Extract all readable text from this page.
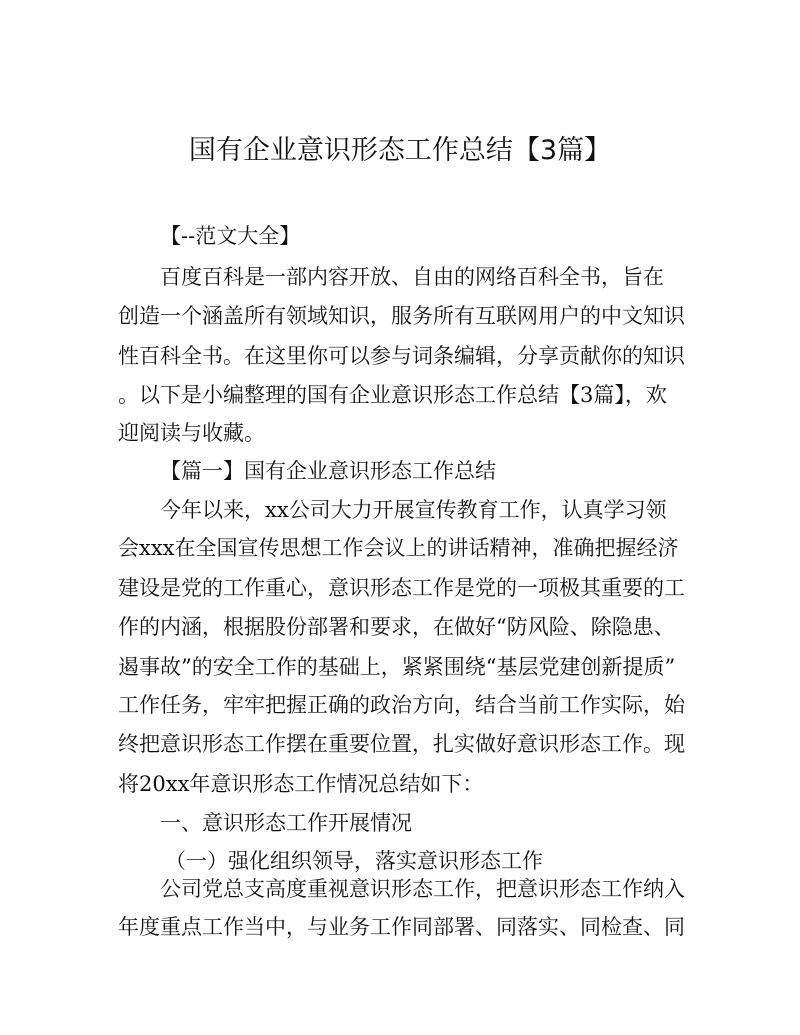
国有企业意识形态工作总结【3篇】
【--范文大全】
百度百科是一部内容开放、自由的网络百科全书，旨在
创造一个涵盖所有领域知识，服务所有互联网用户的中文知识
性百科全书。在这里你可以参与词条编辑，分享贡献你的知识
。以下是小编整理的国有企业意识形态工作总结【3篇】，欢
迎阅读与收藏。
【篇一】国有企业意识形态工作总结
今年以来，xx公司大力开展宣传教育工作，认真学习领
会xxx在全国宣传思想工作会议上的讲话精神，准确把握经济
建设是党的工作重心，意识形态工作是党的一项极其重要的工
作的内涵，根据股份部署和要求，在做好“防风险、除隐患、
遏事故”的安全工作的基础上，紧紧围绕“基层党建创新提质”
工作任务，牢牢把握正确的政治方向，结合当前工作实际，始
终把意识形态工作摆在重要位置，扎实做好意识形态工作。现
将20xx年意识形态工作情况总结如下：
一、意识形态工作开展情况
（一）强化组织领导，落实意识形态工作
公司党总支高度重视意识形态工作，把意识形态工作纳入
年度重点工作当中，与业务工作同部署、同落实、同检查、同
